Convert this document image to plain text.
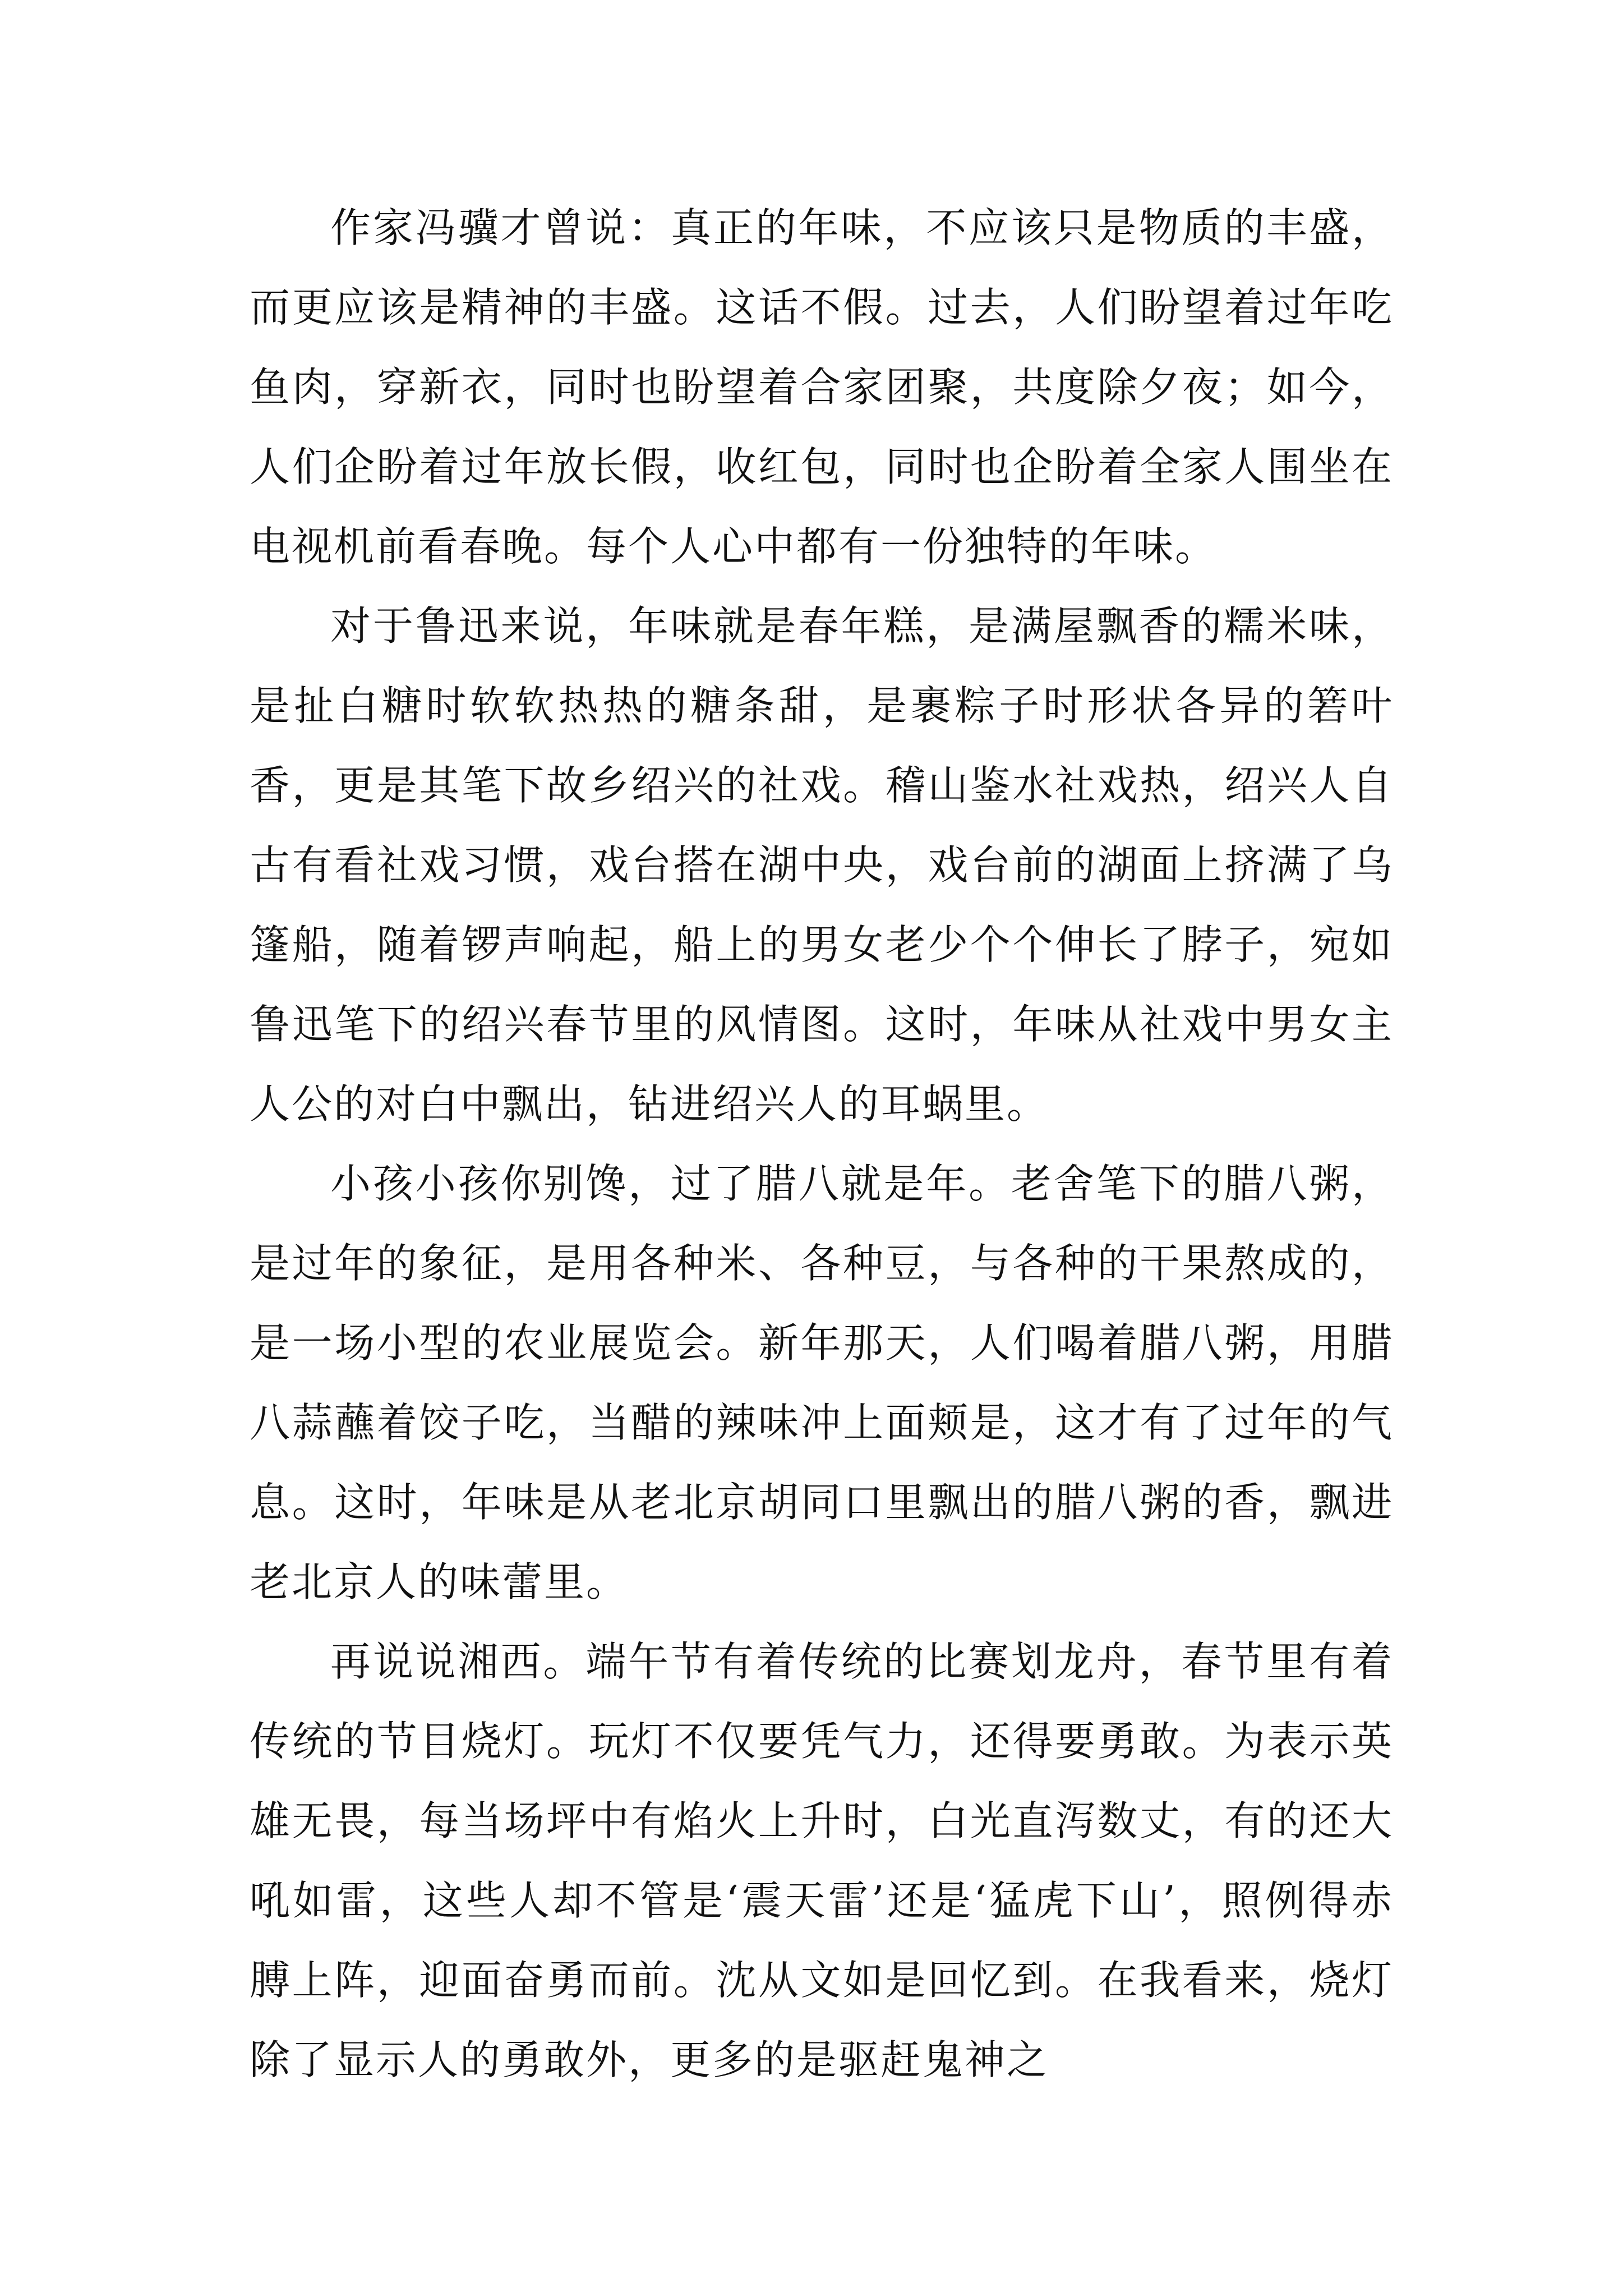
作家冯骥才曾说：真正的年味，不应该只是物质的丰盛，而更应该是精神的丰盛。这话不假。过去，人们盼望着过年吃鱼肉，穿新衣，同时也盼望着合家团聚，共度除夕夜；如今，人们企盼着过年放长假，收红包，同时也企盼着全家人围坐在电视机前看春晚。每个人心中都有一份独特的年味。

对于鲁迅来说，年味就是春年糕，是满屋飘香的糯米味，是扯白糖时软软热热的糖条甜，是裹粽子时形状各异的箬叶香，更是其笔下故乡绍兴的社戏。稽山鉴水社戏热，绍兴人自古有看社戏习惯，戏台搭在湖中央，戏台前的湖面上挤满了乌篷船，随着锣声响起，船上的男女老少个个伸长了脖子，宛如鲁迅笔下的绍兴春节里的风情图。这时，年味从社戏中男女主人公的对白中飘出，钻进绍兴人的耳蜗里。

小孩小孩你别馋，过了腊八就是年。老舍笔下的腊八粥，是过年的象征，是用各种米、各种豆，与各种的干果熬成的，是一场小型的农业展览会。新年那天，人们喝着腊八粥，用腊八蒜蘸着饺子吃，当醋的辣味冲上面颊是，这才有了过年的气息。这时，年味是从老北京胡同口里飘出的腊八粥的香，飘进老北京人的味蕾里。

再说说湘西。端午节有着传统的比赛划龙舟，春节里有着传统的节目烧灯。玩灯不仅要凭气力，还得要勇敢。为表示英雄无畏，每当场坪中有焰火上升时，白光直泻数丈，有的还大吼如雷，这些人却不管是‘震天雷’还是‘猛虎下山’，照例得赤膊上阵，迎面奋勇而前。沈从文如是回忆到。在我看来，烧灯除了显示人的勇敢外，更多的是驱赶鬼神之
